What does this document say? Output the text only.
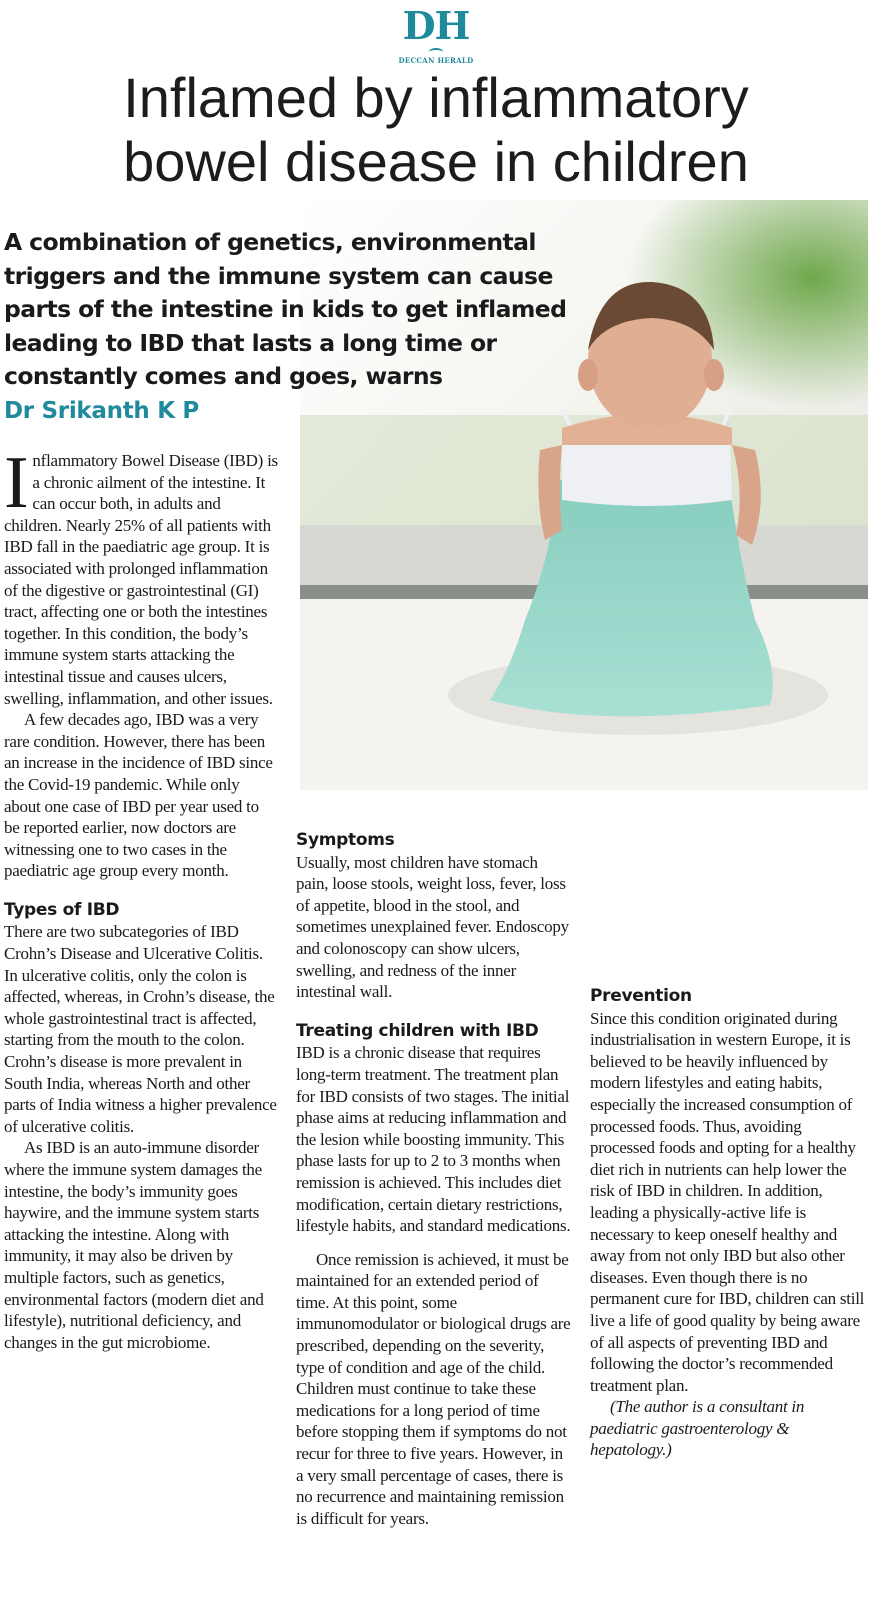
DH
DECCAN HERALD
Inflamed by inflammatory
bowel disease in children

A combination of genetics, environmental triggers and the immune system can cause parts of the intestine in kids to get inflamed leading to IBD that lasts a long time or constantly comes and goes, warns

Dr Srikanth K P

Inflammatory Bowel Disease (IBD) is a chronic ailment of the intestine. It can occur both, in adults and children. Nearly 25% of all patients with IBD fall in the paediatric age group. It is associated with prolonged inflammation of the digestive or gastrointestinal (GI) tract, affecting one or both the intestines together. In this condition, the body’s immune system starts attacking the intestinal tissue and causes ulcers, swelling, inflammation, and other issues.

A few decades ago, IBD was a very rare condition. However, there has been an increase in the incidence of IBD since the Covid-19 pandemic. While only about one case of IBD per year used to be reported earlier, now doctors are witnessing one to two cases in the paediatric age group every month.

Types of IBD

There are two subcategories of IBD Crohn’s Disease and Ulcerative Colitis. In ulcerative colitis, only the colon is affected, whereas, in Crohn’s disease, the whole gastrointestinal tract is affected, starting from the mouth to the colon. Crohn’s disease is more prevalent in South India, whereas North and other parts of India witness a higher prevalence of ulcerative colitis.

As IBD is an auto-immune disorder where the immune system damages the intestine, the body’s immunity goes haywire, and the immune system starts attacking the intestine. Along with immunity, it may also be driven by multiple factors, such as genetics, environmental factors (modern diet and lifestyle), nutritional deficiency, and changes in the gut microbiome.

Symptoms

Usually, most children have stomach pain, loose stools, weight loss, fever, loss of appetite, blood in the stool, and sometimes unexplained fever. Endoscopy and colonoscopy can show ulcers, swelling, and redness of the inner intestinal wall.

Treating children with IBD

IBD is a chronic disease that requires long-term treatment. The treatment plan for IBD consists of two stages. The initial phase aims at reducing inflammation and the lesion while boosting immunity. This phase lasts for up to 2 to 3 months when remission is achieved. This includes diet modification, certain dietary restrictions, lifestyle habits, and standard medications.

Once remission is achieved, it must be maintained for an extended period of time. At this point, some immunomodulator or biological drugs are prescribed, depending on the severity, type of condition and age of the child. Children must continue to take these medications for a long period of time before stopping them if symptoms do not recur for three to five years. However, in a very small percentage of cases, there is no recurrence and maintaining remission is difficult for years.

Prevention

Since this condition originated during industrialisation in western Europe, it is believed to be heavily influenced by modern lifestyles and eating habits, especially the increased consumption of processed foods. Thus, avoiding processed foods and opting for a healthy diet rich in nutrients can help lower the risk of IBD in children. In addition, leading a physically-active life is necessary to keep oneself healthy and away from not only IBD but also other diseases. Even though there is no permanent cure for IBD, children can still live a life of good quality by being aware of all aspects of preventing IBD and following the doctor’s recommended treatment plan.

(The author is a consultant in paediatric gastroenterology & hepatology.)
